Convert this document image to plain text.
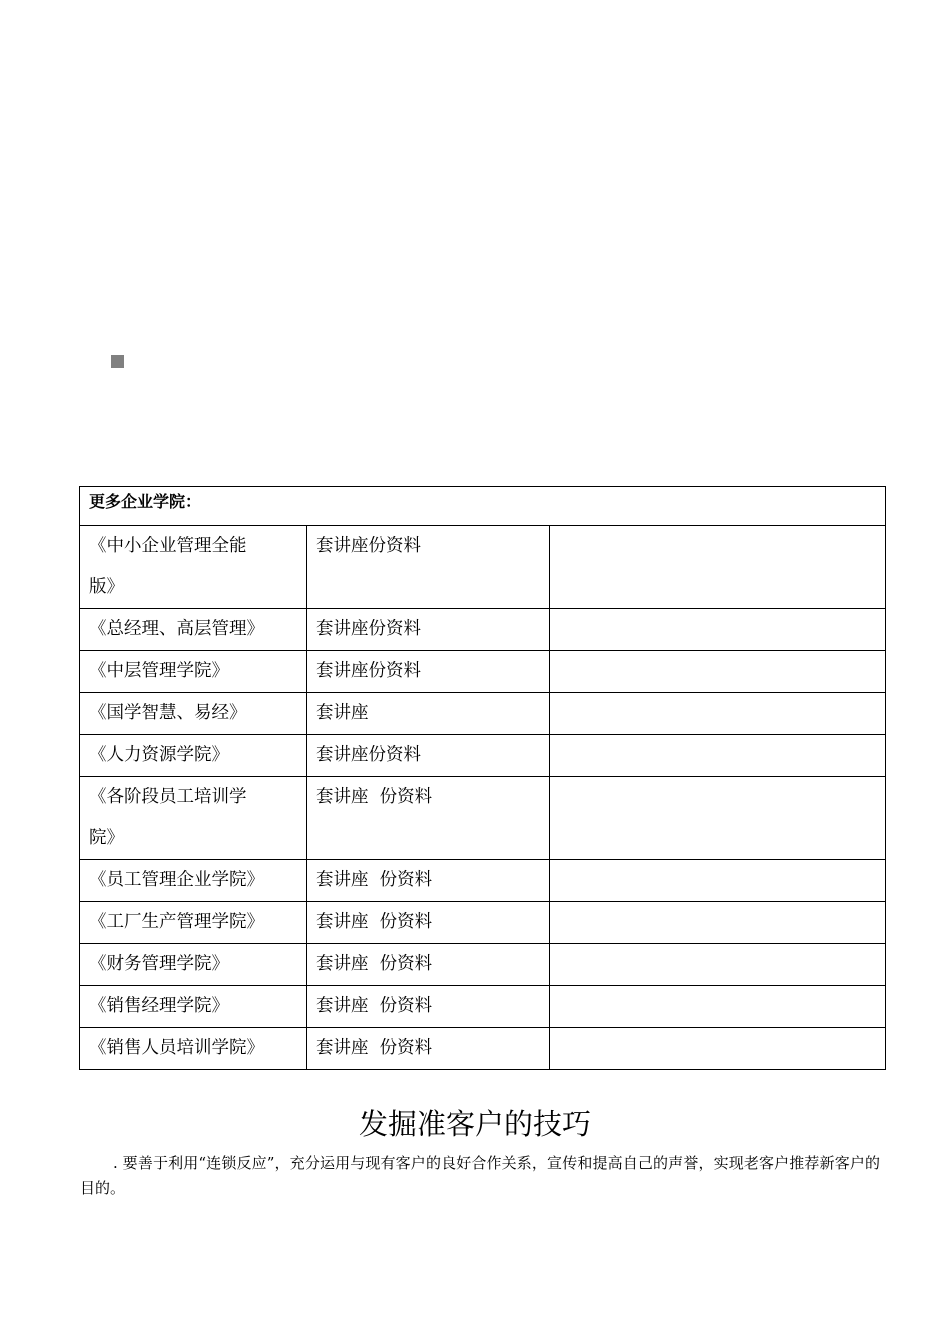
更多企业学院：		
《中小企业管理全能
版》	套讲座份资料	
《总经理、高层管理》	套讲座份资料	
《中层管理学院》	套讲座份资料	
《国学智慧、易经》	套讲座	
《人力资源学院》	套讲座份资料	
《各阶段员工培训学
院》	套讲座  份资料	
《员工管理企业学院》	套讲座  份资料	
《工厂生产管理学院》	套讲座  份资料	
《财务管理学院》	套讲座  份资料	
《销售经理学院》	套讲座  份资料	
《销售人员培训学院》	套讲座  份资料	
发掘准客户的技巧

. 要善于利用“连锁反应”，充分运用与现有客户的良好合作关系，宣传和提高自己的声誉，实现老客户推荐新客户的目的。
